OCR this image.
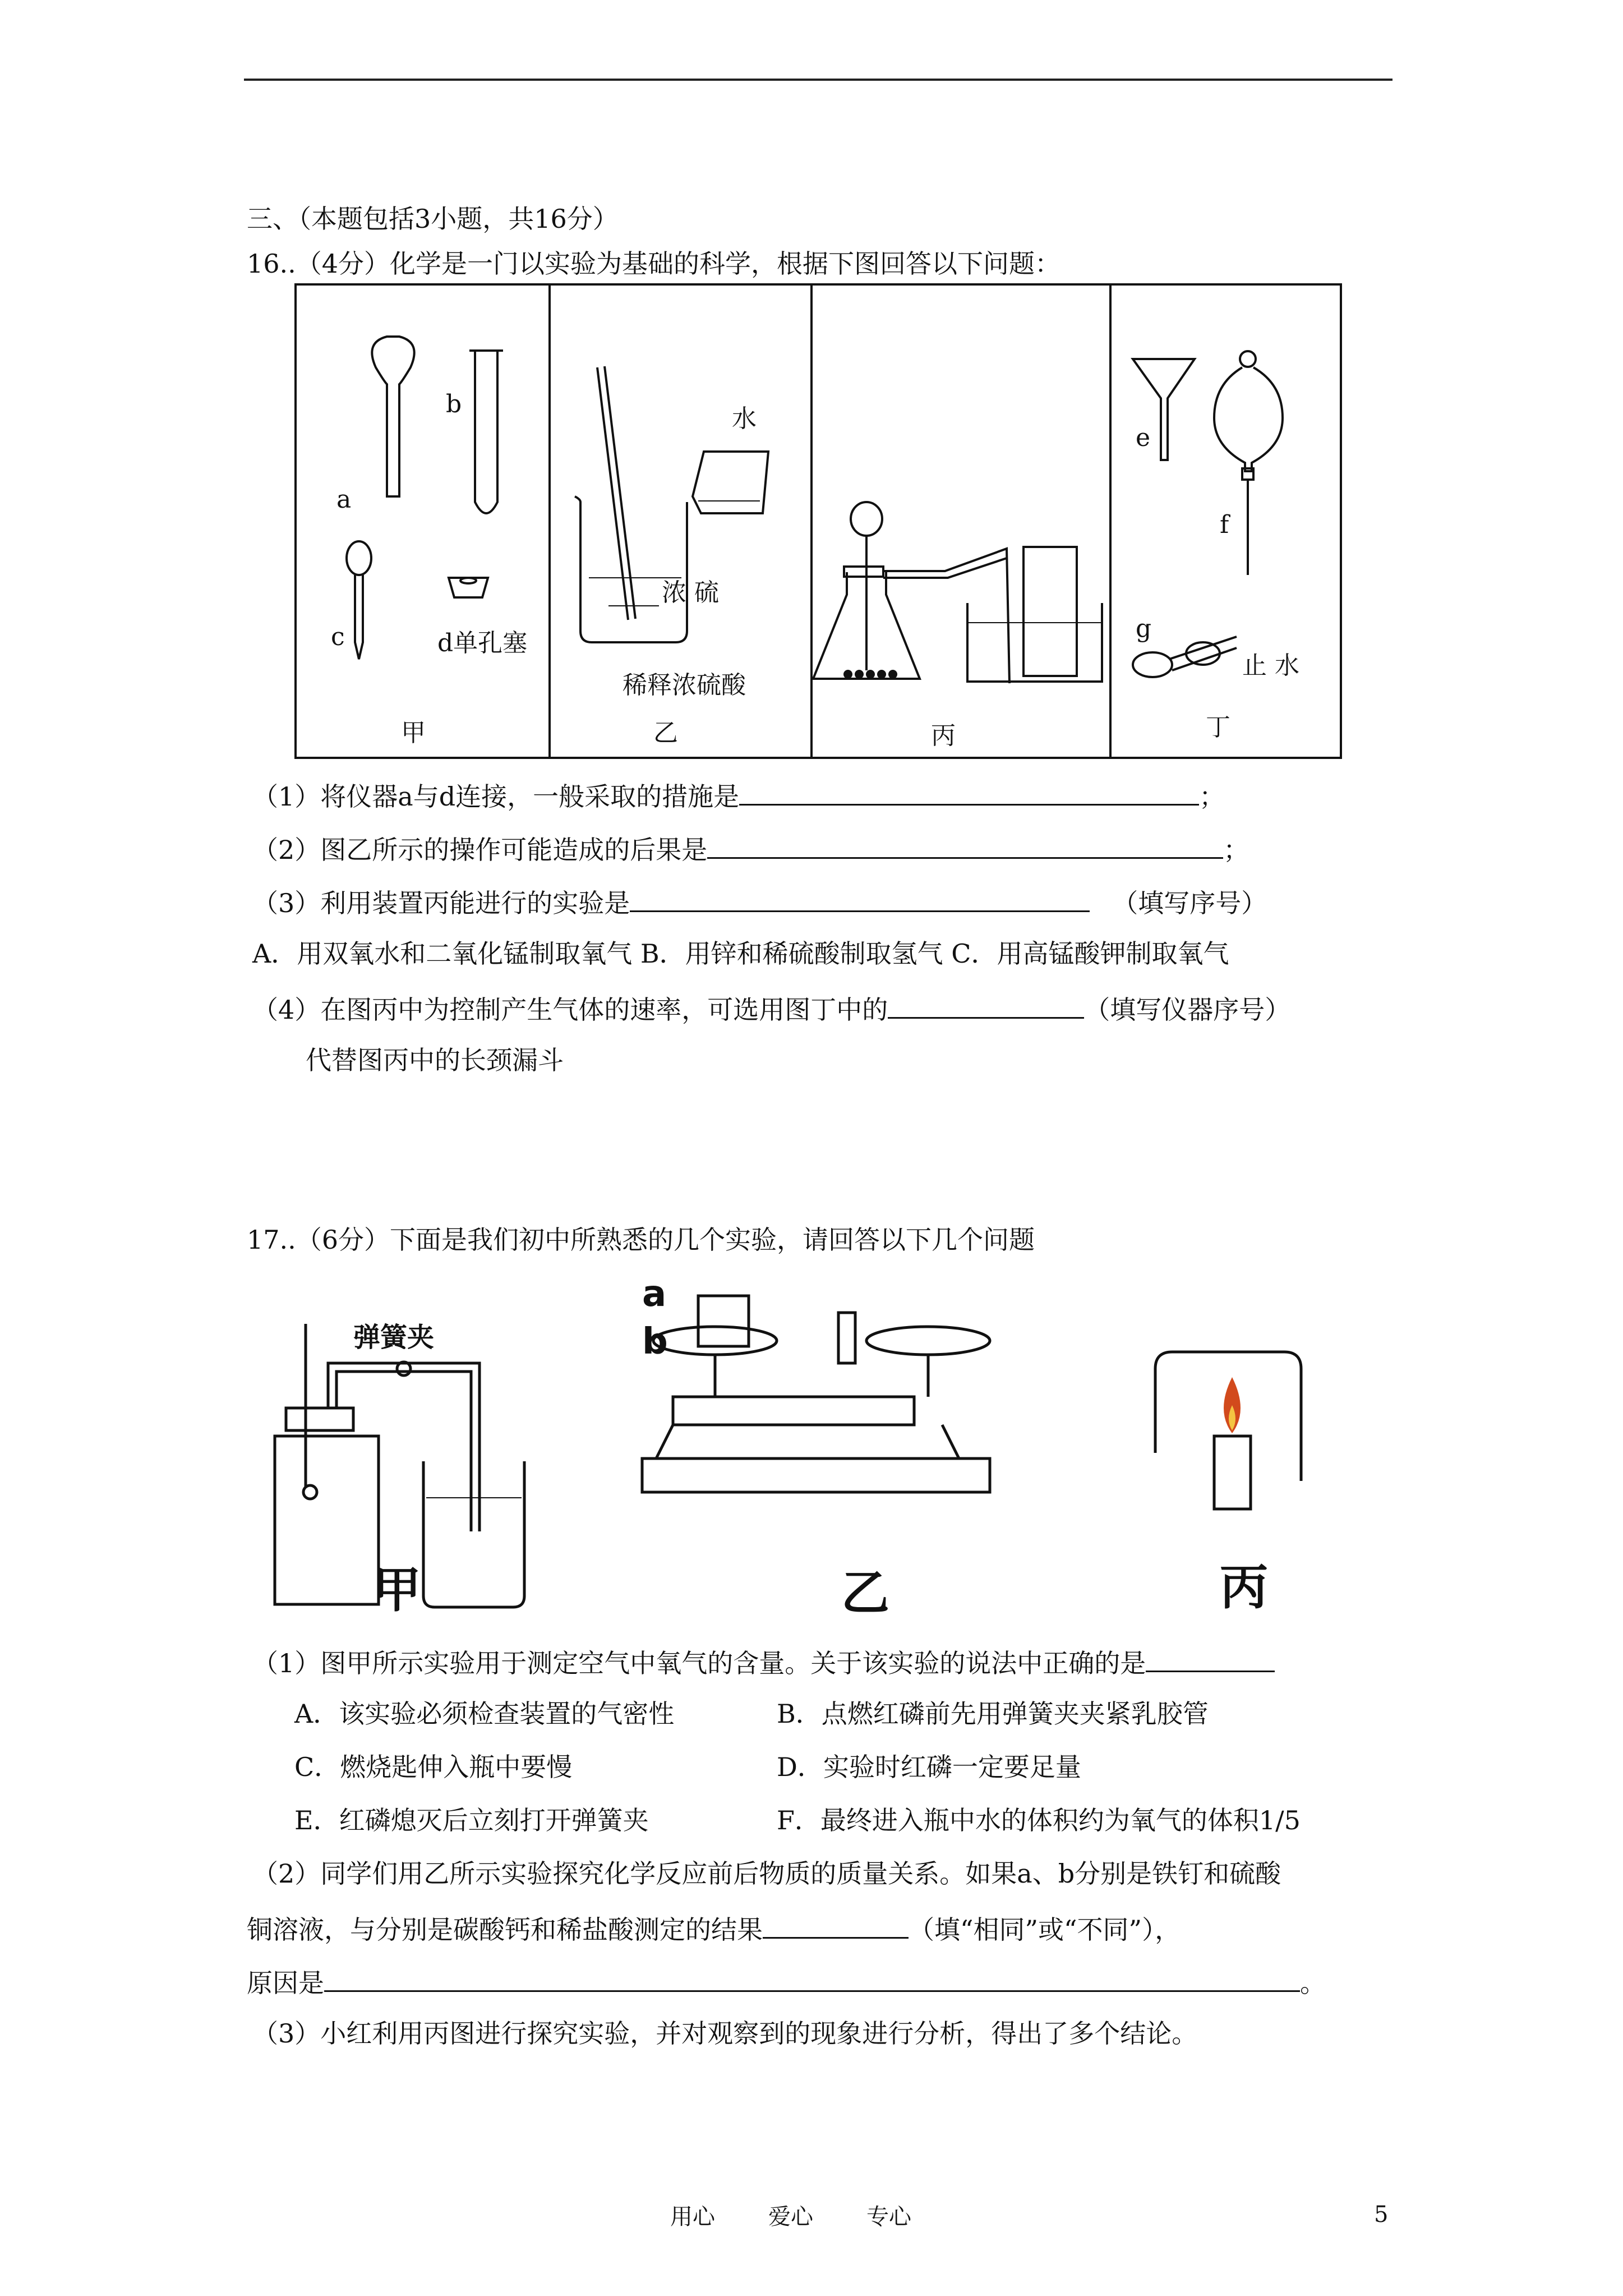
三、（本题包括3小题，共16分）
16..（4分）化学是一门以实验为基础的科学，根据下图回答以下问题：
a
b
c	d单孔塞
水
浓 硫
稀释浓硫酸
e
f
g
止 水
甲	乙	丙	丁
（1）将仪器a与d连接，一般采取的措施是	；
（2）图乙所示的操作可能造成的后果是	；
（3）利用装置丙能进行的实验是	（填写序号）
A．用双氧水和二氧化锰制取氧气 B．用锌和稀硫酸制取氢气 C．用高锰酸钾制取氧气
（4）在图丙中为控制产生气体的速率，可选用图丁中的	（填写仪器序号）
代替图丙中的长颈漏斗
17..（6分）下面是我们初中所熟悉的几个实验，请回答以下几个问题
弹簧夹
a
b
甲	乙	丙
（1）图甲所示实验用于测定空气中氧气的含量。关于该实验的说法中正确的是
A．该实验必须检查装置的气密性	B．点燃红磷前先用弹簧夹夹紧乳胶管
C．燃烧匙伸入瓶中要慢	D．实验时红磷一定要足量
E．红磷熄灭后立刻打开弹簧夹	F．最终进入瓶中水的体积约为氧气的体积1/5
（2）同学们用乙所示实验探究化学反应前后物质的质量关系。如果a、b分别是铁钉和硫酸
铜溶液，与分别是碳酸钙和稀盐酸测定的结果	（填“相同”或“不同”），
原因是	。
（3）小红利用丙图进行探究实验，并对观察到的现象进行分析，得出了多个结论。
用心 爱心 专心	5
